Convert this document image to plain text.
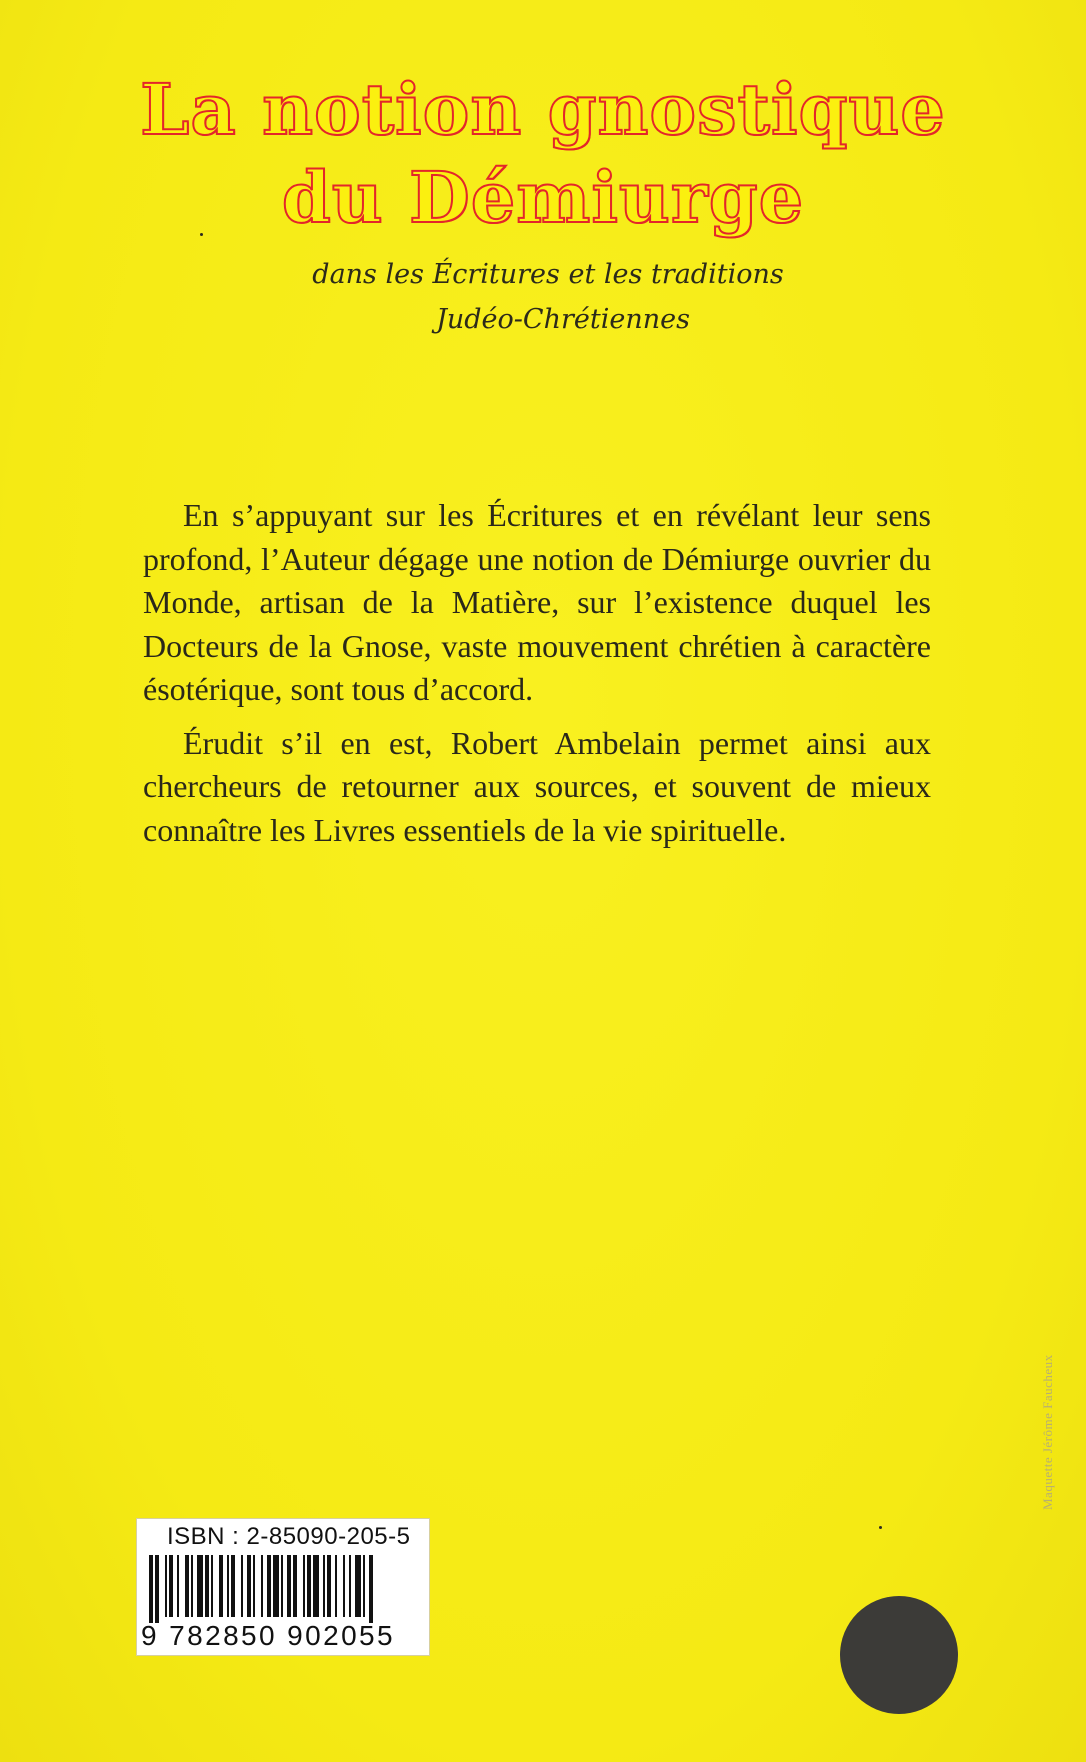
La notion gnostique
du Démiurge
dans les Écritures et les traditions
Judéo-Chrétiennes

En s’appuyant sur les Écritures et en révélant leur sens profond, l’Auteur dégage une notion de Démiurge ouvrier du Monde, artisan de la Matière, sur l’existence duquel les Docteurs de la Gnose, vaste mouvement chrétien à caractère ésotérique, sont tous d’accord.

Érudit s’il en est, Robert Ambelain permet ainsi aux chercheurs de retourner aux sources, et souvent de mieux connaître les Livres essentiels de la vie spirituelle.

ISBN : 2-85090-205-5
9 782850 902055
Maquette Jérôme Faucheux
